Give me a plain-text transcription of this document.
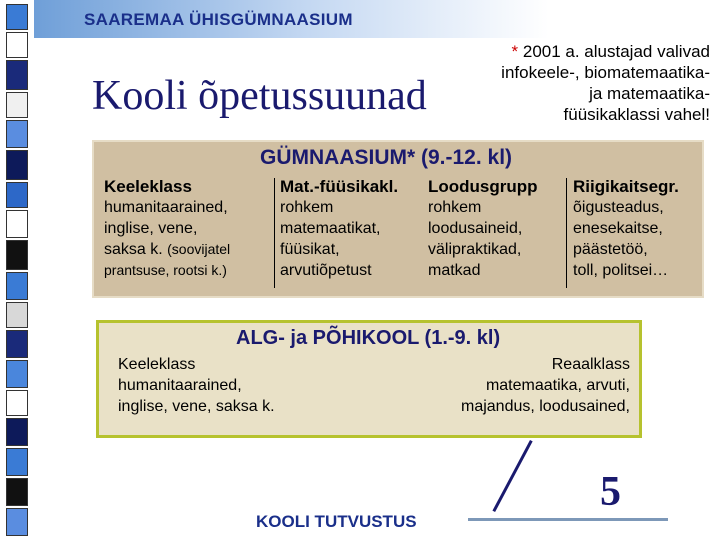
SAAREMAA ÜHISGÜMNAASIUM
Kooli õpetussuunad
* 2001 a. alustajad valivad
infokeele-, biomatemaatika-
ja matemaatika-
füüsikaklassi vahel!
GÜMNAASIUM* (9.-12. kl)
Keeleklass
humanitaarained,
inglise, vene,
saksa k. (soovijatel
prantsuse, rootsi k.)
Mat.-füüsikakl.
rohkem
matemaatikat,
füüsikat,
arvutiõpetust
Loodusgrupp
rohkem
loodusaineid,
välipraktikad,
matkad
Riigikaitsegr.
õigusteadus,
enesekaitse,
päästetöö,
toll, politsei…
ALG- ja PÕHIKOOL (1.-9. kl)
Keeleklass
humanitaarained,
inglise, vene, saksa k.
Reaalklass
matemaatika, arvuti,
majandus, loodusained,
5
KOOLI TUTVUSTUS
